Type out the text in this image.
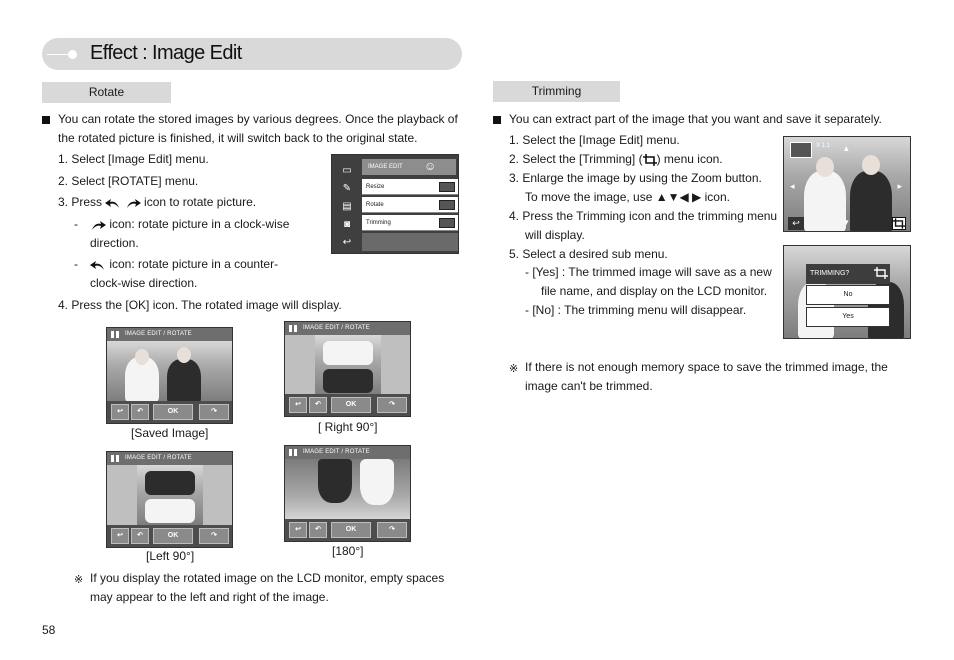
Effect : Image Edit
Rotate
You can rotate the stored images by various degrees. Once the playback of
the rotated picture is finished, it will switch back to the original state.
1. Select [Image Edit] menu.
2. Select [ROTATE] menu.
3. Press	icon to rotate picture.
-	icon: rotate picture in a clock-wise
direction.
-	icon: rotate picture in a counter-
clock-wise direction.
4. Press the [OK] icon. The rotated image will display.
IMAGE EDIT	☺
▭
✎
▤
◙
↩
Resize
Rotate
Trimming
IMAGE EDIT / ROTATE
↩	↶	OK	↷
[Saved Image]
IMAGE EDIT / ROTATE
↩	↶	OK	↷
[ Right 90°]
IMAGE EDIT / ROTATE
↩	↶	OK	↷
[Left 90°]
IMAGE EDIT / ROTATE
↩	↶	OK	↷
[180°]
※ If you display the rotated image on the LCD monitor, empty spaces
may appear to the left and right of the image.
58
Trimming
You can extract part of the image that you want and save it separately.
1. Select the [Image Edit] menu.
2. Select the [Trimming] ( ) menu icon.
3. Enlarge the image by using the Zoom button.
To move the image, use ▲▼◀ ▶ icon.
4. Press the Trimming icon and the trimming menu
will display.
5. Select a desired sub menu.
- [Yes] : The trimmed image will save as a new
file name, and display on the LCD monitor.
- [No] : The trimming menu will disappear.
X 1.1
◂	▸
▴
▾
↩
TRIMMING?
No
Yes
※ If there is not enough memory space to save the trimmed image, the
image can't be trimmed.
